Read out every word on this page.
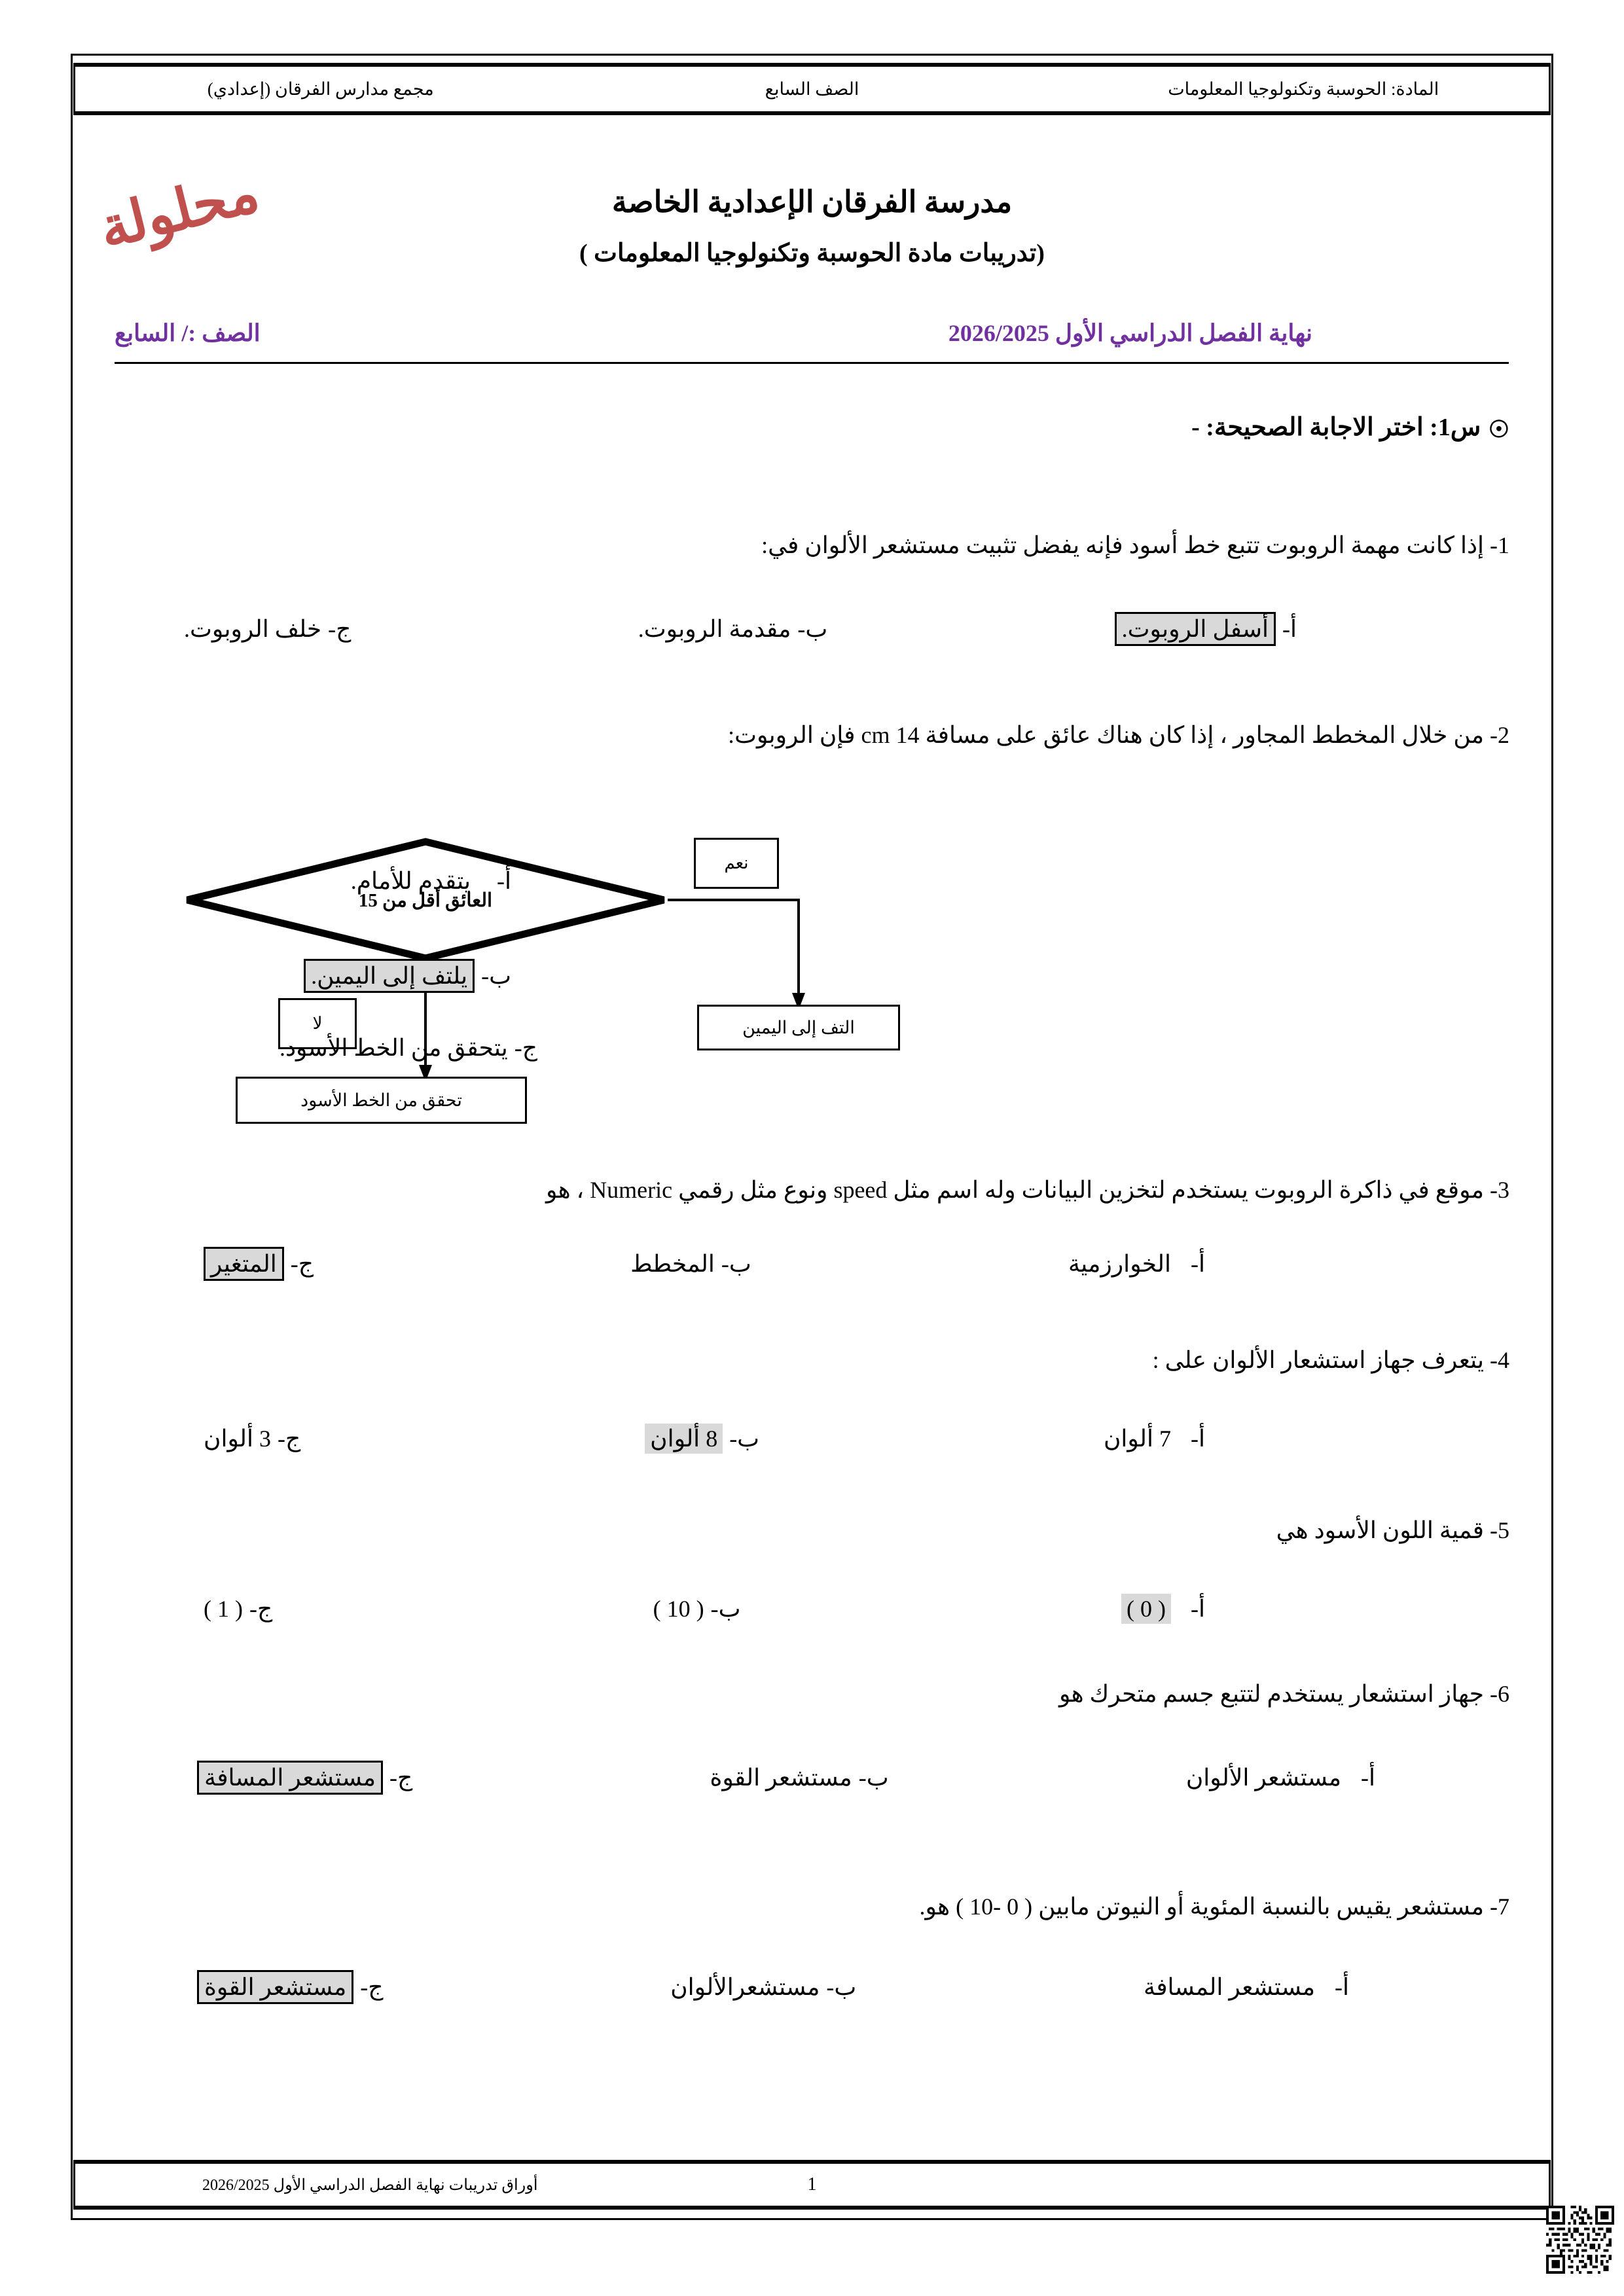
المادة: الحوسبة وتكنولوجيا المعلومات
الصف السابع
مجمع مدارس الفرقان (إعدادي)
محلولة	مدرسة الفرقان الإعدادية الخاصة
(تدريبات مادة الحوسبة وتكنولوجيا المعلومات )
نهاية الفصل الدراسي الأول 2026/2025
الصف :/ السابع
☉ س1: اختر الاجابة الصحيحة: -
1- إذا كانت مهمة الروبوت تتبع خط أسود فإنه يفضل تثبيت مستشعر الألوان في:
أ-
أسفل الروبوت.
ب-
مقدمة الروبوت.
ج-
خلف الروبوت.
2- من خلال المخطط المجاور ، إذا كان هناك عائق على مسافة 14 cm فإن الروبوت:
العائق أقل من 15
نعم
التف إلى اليمين
لا
تحقق من الخط الأسود
أ-
يتقدم للأمام.
ب-
يلتف إلى اليمين.
ج-
يتحقق من الخط الأسود.
3- موقع في ذاكرة الروبوت يستخدم لتخزين البيانات وله اسم مثل speed ونوع مثل رقمي Numeric ، هو
أ-
الخوارزمية
ب-
المخطط
ج-
المتغير
4- يتعرف جهاز استشعار الألوان على :
أ-
7 ألوان
ب-
8 ألوان
ج-
3 ألوان
5- قمية اللون الأسود هي
أ-
( 0 )
ب-
( 10 )
ج-
( 1 )
6- جهاز استشعار يستخدم لتتبع جسم متحرك هو
أ-
مستشعر الألوان
ب-
مستشعر القوة
ج-
مستشعر المسافة
7- مستشعر يقيس بالنسبة المئوية أو النيوتن مابين ( 0 -10 ) هو.
أ-
مستشعر المسافة
ب-
مستشعرالألوان
ج-
مستشعر القوة
1
أوراق تدريبات نهاية الفصل الدراسي الأول 2026/2025
